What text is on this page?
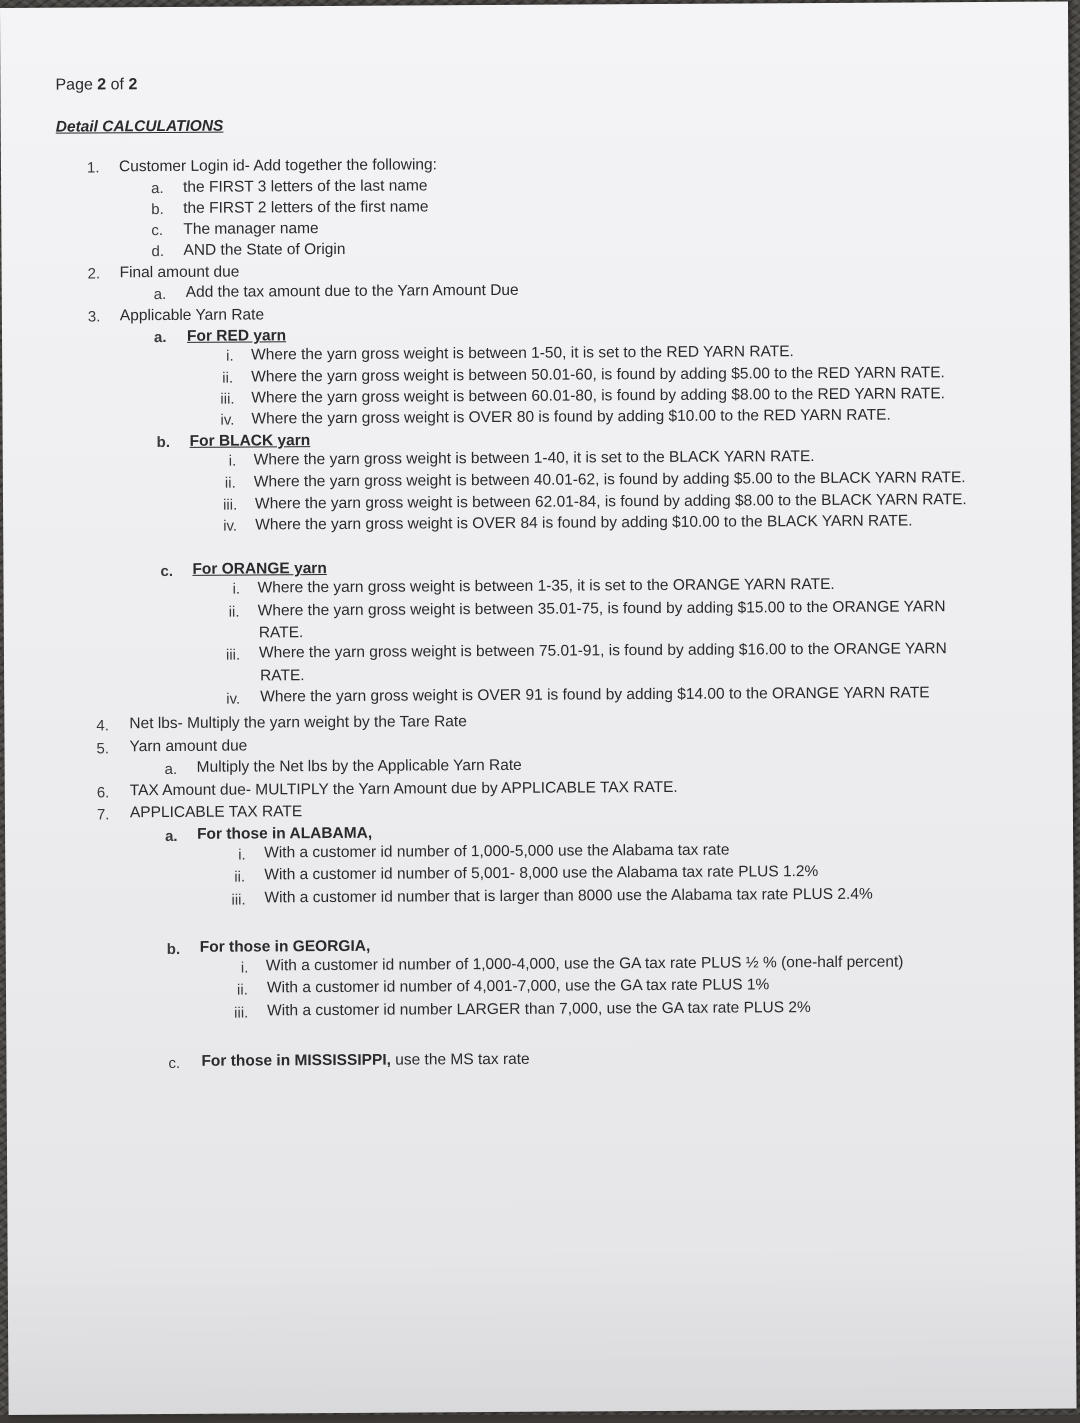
Page 2 of 2
Detail CALCULATIONS
1. Customer Login id- Add together the following:
a. the FIRST 3 letters of the last name
b. the FIRST 2 letters of the first name
c. The manager name
d. AND the State of Origin
2. Final amount due
a. Add the tax amount due to the Yarn Amount Due
3. Applicable Yarn Rate
a. For RED yarn
i. Where the yarn gross weight is between 1-50, it is set to the RED YARN RATE.
ii. Where the yarn gross weight is between 50.01-60, is found by adding $5.00 to the RED YARN RATE.
iii. Where the yarn gross weight is between 60.01-80, is found by adding $8.00 to the RED YARN RATE.
iv. Where the yarn gross weight is OVER 80 is found by adding $10.00 to the RED YARN RATE.
b. For BLACK yarn
i. Where the yarn gross weight is between 1-40, it is set to the BLACK YARN RATE.
ii. Where the yarn gross weight is between 40.01-62, is found by adding $5.00 to the BLACK YARN RATE.
iii. Where the yarn gross weight is between 62.01-84, is found by adding $8.00 to the BLACK YARN RATE.
iv. Where the yarn gross weight is OVER 84 is found by adding $10.00 to the BLACK YARN RATE.
c. For ORANGE yarn
i. Where the yarn gross weight is between 1-35, it is set to the ORANGE YARN RATE.
ii. Where the yarn gross weight is between 35.01-75, is found by adding $15.00 to the ORANGE YARN
RATE.
iii. Where the yarn gross weight is between 75.01-91, is found by adding $16.00 to the ORANGE YARN
RATE.
iv. Where the yarn gross weight is OVER 91 is found by adding $14.00 to the ORANGE YARN RATE
4. Net lbs- Multiply the yarn weight by the Tare Rate
5. Yarn amount due
a. Multiply the Net lbs by the Applicable Yarn Rate
6. TAX Amount due- MULTIPLY the Yarn Amount due by APPLICABLE TAX RATE.
7. APPLICABLE TAX RATE
a. For those in ALABAMA,
i. With a customer id number of 1,000-5,000 use the Alabama tax rate
ii. With a customer id number of 5,001- 8,000 use the Alabama tax rate PLUS 1.2%
iii. With a customer id number that is larger than 8000 use the Alabama tax rate PLUS 2.4%
b. For those in GEORGIA,
i. With a customer id number of 1,000-4,000, use the GA tax rate PLUS ½ % (one-half percent)
ii. With a customer id number of 4,001-7,000, use the GA tax rate PLUS 1%
iii. With a customer id number LARGER than 7,000, use the GA tax rate PLUS 2%
c. For those in MISSISSIPPI, use the MS tax rate
